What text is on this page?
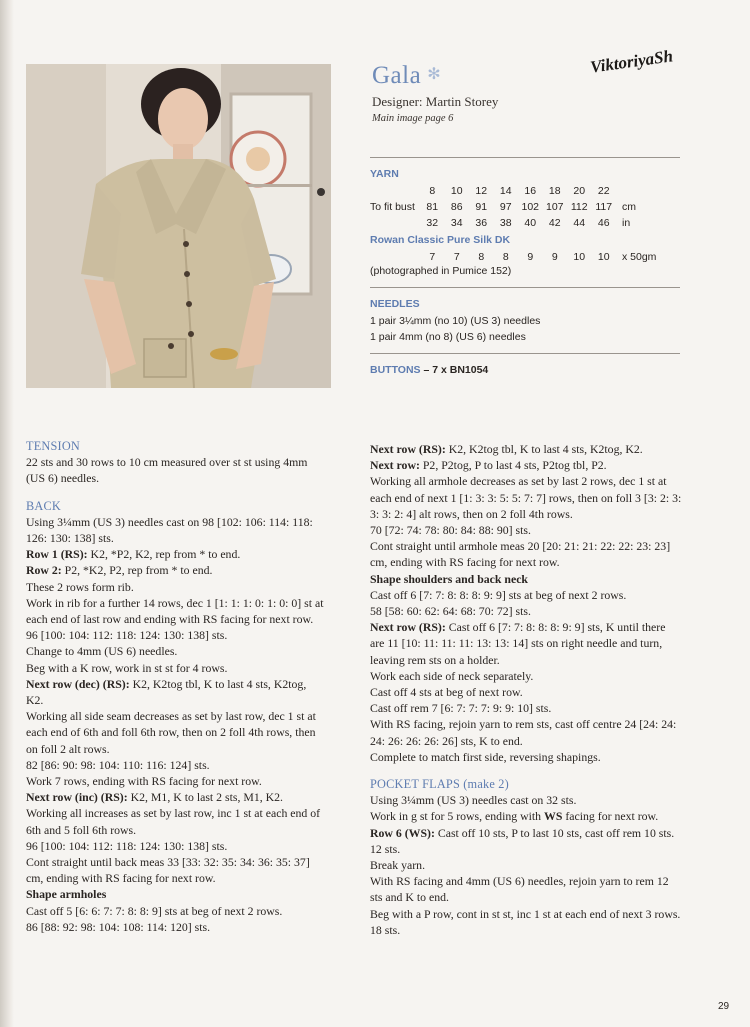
Gala ✻	ViktoriyaSh
Designer: Martin Storey
Main image page 6
YARN
	8	10	12	14	16	18	20	22	
To fit bust	81	86	91	97	102	107	112	117	cm
	32	34	36	38	40	42	44	46	in
Rowan Classic Pure Silk DK
	7	7	8	8	9	9	10	10	x 50gm
(photographed in Pumice 152)
NEEDLES
1 pair 3¼mm (no 10) (US 3) needles
1 pair 4mm (no 8) (US 6) needles
BUTTONS – 7 x BN1054

TENSION

22 sts and 30 rows to 10 cm measured over st st using 4mm (US 6) needles.

BACK

Using 3¼mm (US 3) needles cast on 98 [102: 106: 114: 118: 126: 130: 138] sts.

Row 1 (RS): K2, *P2, K2, rep from * to end.

Row 2: P2, *K2, P2, rep from * to end.

These 2 rows form rib.

Work in rib for a further 14 rows, dec 1 [1: 1: 1: 0: 1: 0: 0] st at each end of last row and ending with RS facing for next row.

96 [100: 104: 112: 118: 124: 130: 138] sts.

Change to 4mm (US 6) needles.

Beg with a K row, work in st st for 4 rows.

Next row (dec) (RS): K2, K2tog tbl, K to last 4 sts, K2tog, K2.

Working all side seam decreases as set by last row, dec 1 st at each end of 6th and foll 6th row, then on 2 foll 4th rows, then on foll 2 alt rows.

82 [86: 90: 98: 104: 110: 116: 124] sts.

Work 7 rows, ending with RS facing for next row.

Next row (inc) (RS): K2, M1, K to last 2 sts, M1, K2.

Working all increases as set by last row, inc 1 st at each end of 6th and 5 foll 6th rows.

96 [100: 104: 112: 118: 124: 130: 138] sts.

Cont straight until back meas 33 [33: 32: 35: 34: 36: 35: 37] cm, ending with RS facing for next row.

Shape armholes

Cast off 5 [6: 6: 7: 7: 8: 8: 9] sts at beg of next 2 rows.

86 [88: 92: 98: 104: 108: 114: 120] sts.

Next row (RS): K2, K2tog tbl, K to last 4 sts, K2tog, K2.

Next row: P2, P2tog, P to last 4 sts, P2tog tbl, P2.

Working all armhole decreases as set by last 2 rows, dec 1 st at each end of next 1 [1: 3: 3: 5: 5: 7: 7] rows, then on foll 3 [3: 2: 3: 3: 3: 2: 4] alt rows, then on 2 foll 4th rows.

70 [72: 74: 78: 80: 84: 88: 90] sts.

Cont straight until armhole meas 20 [20: 21: 21: 22: 22: 23: 23] cm, ending with RS facing for next row.

Shape shoulders and back neck

Cast off 6 [7: 7: 8: 8: 8: 9: 9] sts at beg of next 2 rows.

58 [58: 60: 62: 64: 68: 70: 72] sts.

Next row (RS): Cast off 6 [7: 7: 8: 8: 8: 9: 9] sts, K until there are 11 [10: 11: 11: 11: 13: 13: 14] sts on right needle and turn, leaving rem sts on a holder.

Work each side of neck separately.

Cast off 4 sts at beg of next row.

Cast off rem 7 [6: 7: 7: 7: 9: 9: 10] sts.

With RS facing, rejoin yarn to rem sts, cast off centre 24 [24: 24: 24: 26: 26: 26: 26] sts, K to end.

Complete to match first side, reversing shapings.

POCKET FLAPS (make 2)

Using 3¼mm (US 3) needles cast on 32 sts.

Work in g st for 5 rows, ending with WS facing for next row.

Row 6 (WS): Cast off 10 sts, P to last 10 sts, cast off rem 10 sts. 12 sts.

Break yarn.

With RS facing and 4mm (US 6) needles, rejoin yarn to rem 12 sts and K to end.

Beg with a P row, cont in st st, inc 1 st at each end of next 3 rows. 18 sts.

29
